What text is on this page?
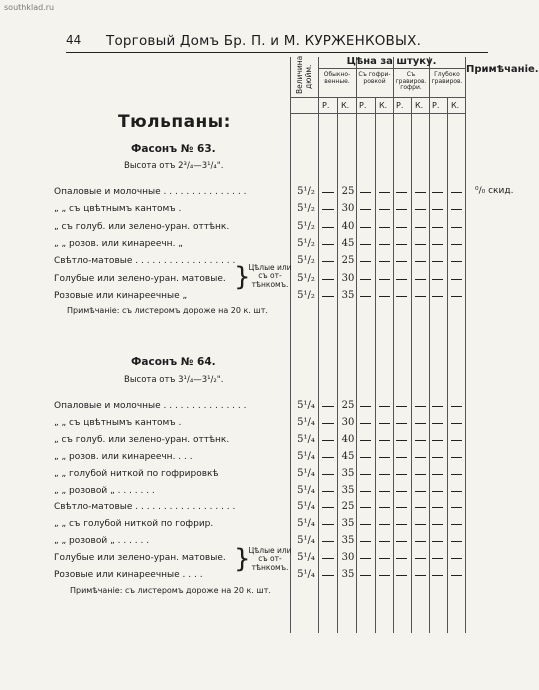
southklad.ru
44 Торговый Домъ Бр. П. и М. КУРЖЕНКОВЫХ.
Величина дюйм.
Цѣна за штуку.
Обыкно-венные.
Съ гофри-ровкой
Съ гравиров. гофри.
Глубоко гравиров.
Примѣчаніе.
Р. К. Р. К. Р. К. Р. К.
Тюльпаны:
Фасонъ № 63.
Высота отъ 2³/₄—3¹/₄".
⁰/₀ скид.
Опаловые и молочные . . . . . . . . . . . . . . .	5¹/₂	25
„ „ съ цвѣтнымъ кантомъ .	5¹/₂	30
„ съ голуб. или зелено-уран. оттѣнк.	5¹/₂	40
„ „ розов. или кинареечн. „	5¹/₂	45
Свѣтло-матовые . . . . . . . . . . . . . . . . . .	5¹/₂	25
Голубые или зелено-уран. матовые.	5¹/₂	30
Розовые или кинареечные „	5¹/₂	35
}
Цѣлые или съ от- тѣнкомъ.
Примѣчаніе: съ листеромъ дороже на 20 к. шт.
Фасонъ № 64.
Высота отъ 3¹/₄—3¹/₂".
Опаловые и молочные . . . . . . . . . . . . . . .	5¹/₄	25
„ „ съ цвѣтнымъ кантомъ .	5¹/₄	30
„ съ голуб. или зелено-уран. оттѣнк.	5¹/₄	40
„ „ розов. или кинареечн. . . .	5¹/₄	45
„ „ голубой ниткой по гофрировкѣ	5¹/₄	35
„ „ розовой „ . . . . . . .	5¹/₄	35
Свѣтло-матовые . . . . . . . . . . . . . . . . . .	5¹/₄	25
„ „ съ голубой ниткой по гофрир.	5¹/₄	35
„ „ розовой „ . . . . . .	5¹/₄	35
Голубые или зелено-уран. матовые.	5¹/₄	30
Розовые или кинареечные . . . .	5¹/₄	35
}
Цѣлые или съ от- тѣнкомъ.
Примѣчаніе: съ листеромъ дороже на 20 к. шт.
